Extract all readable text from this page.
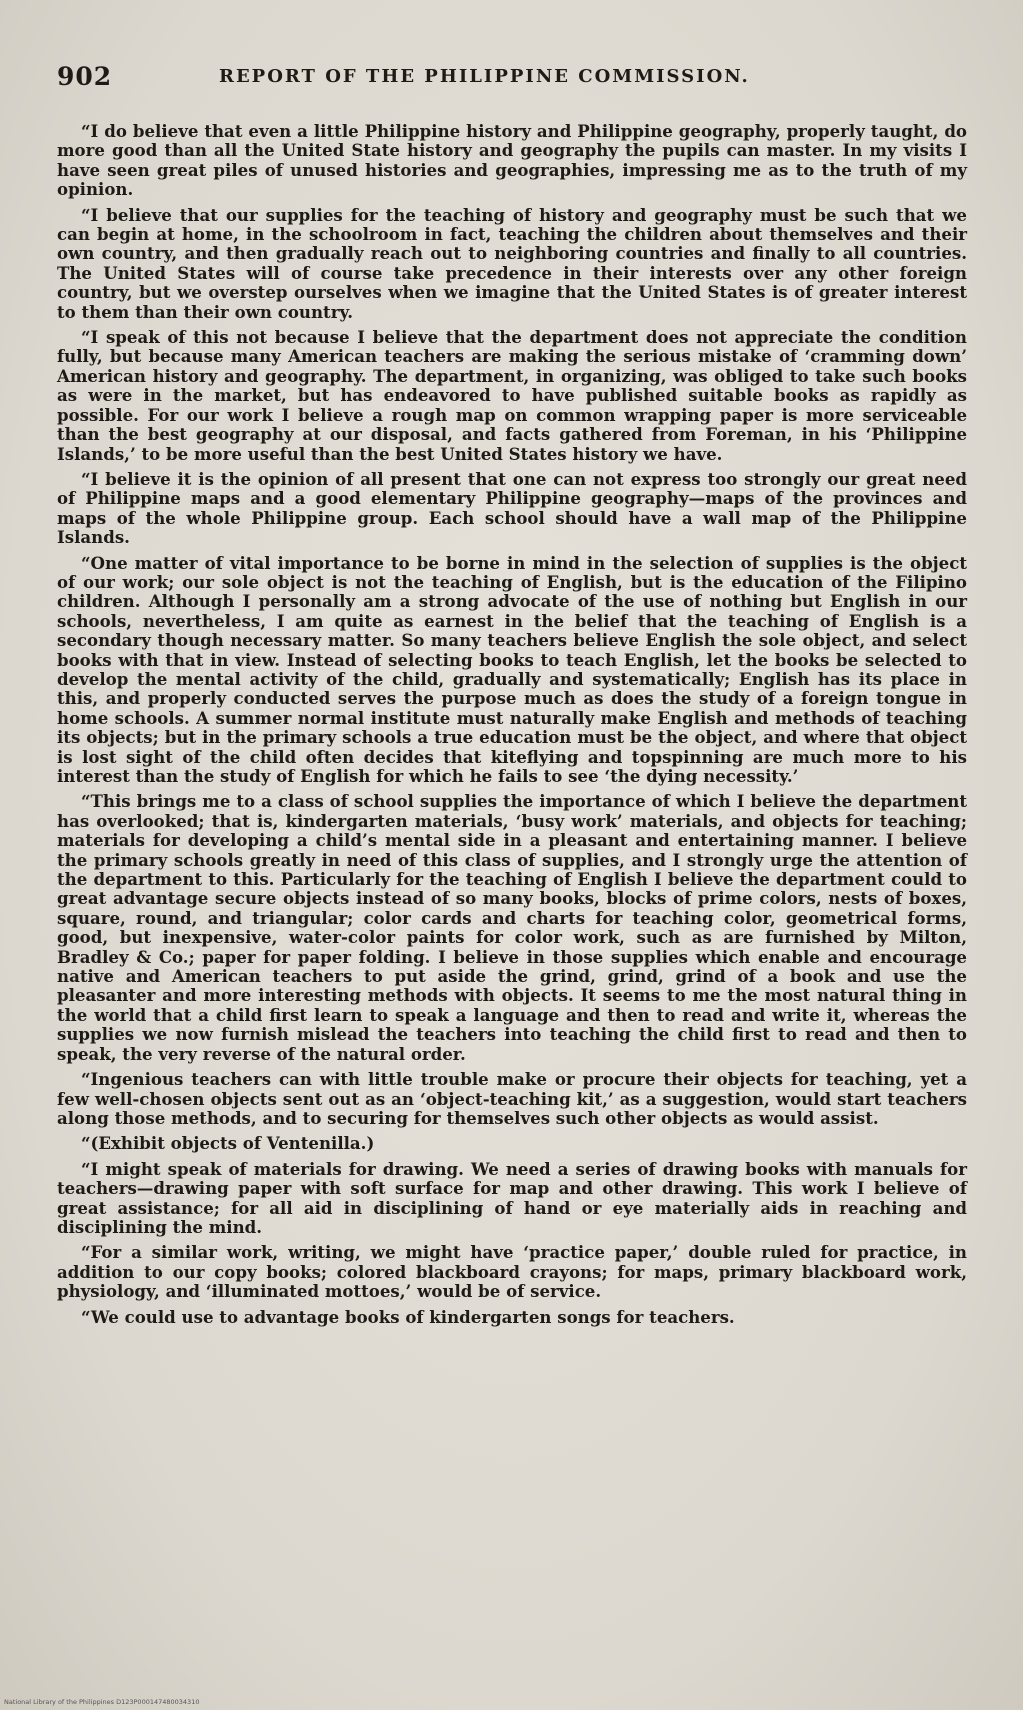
902	REPORT OF THE PHILIPPINE COMMISSION.

“I do believe that even a little Philippine history and Philippine geography, properly taught, do more good than all the United State history and geography the pupils can master. In my visits I have seen great piles of unused histories and geographies, impressing me as to the truth of my opinion.

“I believe that our supplies for the teaching of history and geography must be such that we can begin at home, in the schoolroom in fact, teaching the children about themselves and their own country, and then gradually reach out to neighboring countries and finally to all countries. The United States will of course take precedence in their interests over any other foreign country, but we overstep ourselves when we imagine that the United States is of greater interest to them than their own country.

“I speak of this not because I believe that the department does not appreciate the condition fully, but because many American teachers are making the serious mistake of ‘cramming down’ American history and geography. The department, in organizing, was obliged to take such books as were in the market, but has endeavored to have published suitable books as rapidly as possible. For our work I believe a rough map on common wrapping paper is more serviceable than the best geography at our disposal, and facts gathered from Foreman, in his ‘Philippine Islands,’ to be more useful than the best United States history we have.

“I believe it is the opinion of all present that one can not express too strongly our great need of Philippine maps and a good elementary Philippine geography—maps of the provinces and maps of the whole Philippine group. Each school should have a wall map of the Philippine Islands.

“One matter of vital importance to be borne in mind in the selection of supplies is the object of our work; our sole object is not the teaching of English, but is the education of the Filipino children. Although I personally am a strong advocate of the use of nothing but English in our schools, nevertheless, I am quite as earnest in the belief that the teaching of English is a secondary though necessary matter. So many teachers believe English the sole object, and select books with that in view. Instead of selecting books to teach English, let the books be selected to develop the mental activity of the child, gradually and systematically; English has its place in this, and properly conducted serves the purpose much as does the study of a foreign tongue in home schools. A summer normal institute must naturally make English and methods of teaching its objects; but in the primary schools a true education must be the object, and where that object is lost sight of the child often decides that kiteflying and topspinning are much more to his interest than the study of English for which he fails to see ‘the dying necessity.’

“This brings me to a class of school supplies the importance of which I believe the department has overlooked; that is, kindergarten materials, ‘busy work’ materials, and objects for teaching; materials for developing a child’s mental side in a pleasant and entertaining manner. I believe the primary schools greatly in need of this class of supplies, and I strongly urge the attention of the department to this. Particularly for the teaching of English I believe the department could to great advantage secure objects instead of so many books, blocks of prime colors, nests of boxes, square, round, and triangular; color cards and charts for teaching color, geometrical forms, good, but inexpensive, water-color paints for color work, such as are furnished by Milton, Bradley & Co.; paper for paper folding. I believe in those supplies which enable and encourage native and American teachers to put aside the grind, grind, grind of a book and use the pleasanter and more interesting methods with objects. It seems to me the most natural thing in the world that a child first learn to speak a language and then to read and write it, whereas the supplies we now furnish mislead the teachers into teaching the child first to read and then to speak, the very reverse of the natural order.

“Ingenious teachers can with little trouble make or procure their objects for teaching, yet a few well-chosen objects sent out as an ‘object-teaching kit,’ as a suggestion, would start teachers along those methods, and to securing for themselves such other objects as would assist.

“(Exhibit objects of Ventenilla.)

“I might speak of materials for drawing. We need a series of drawing books with manuals for teachers—drawing paper with soft surface for map and other drawing. This work I believe of great assistance; for all aid in disciplining of hand or eye materially aids in reaching and disciplining the mind.

“For a similar work, writing, we might have ‘practice paper,’ double ruled for practice, in addition to our copy books; colored blackboard crayons; for maps, primary blackboard work, physiology, and ‘illuminated mottoes,’ would be of service.

“We could use to advantage books of kindergarten songs for teachers.

National Library of the Philippines D123P000147480034310
